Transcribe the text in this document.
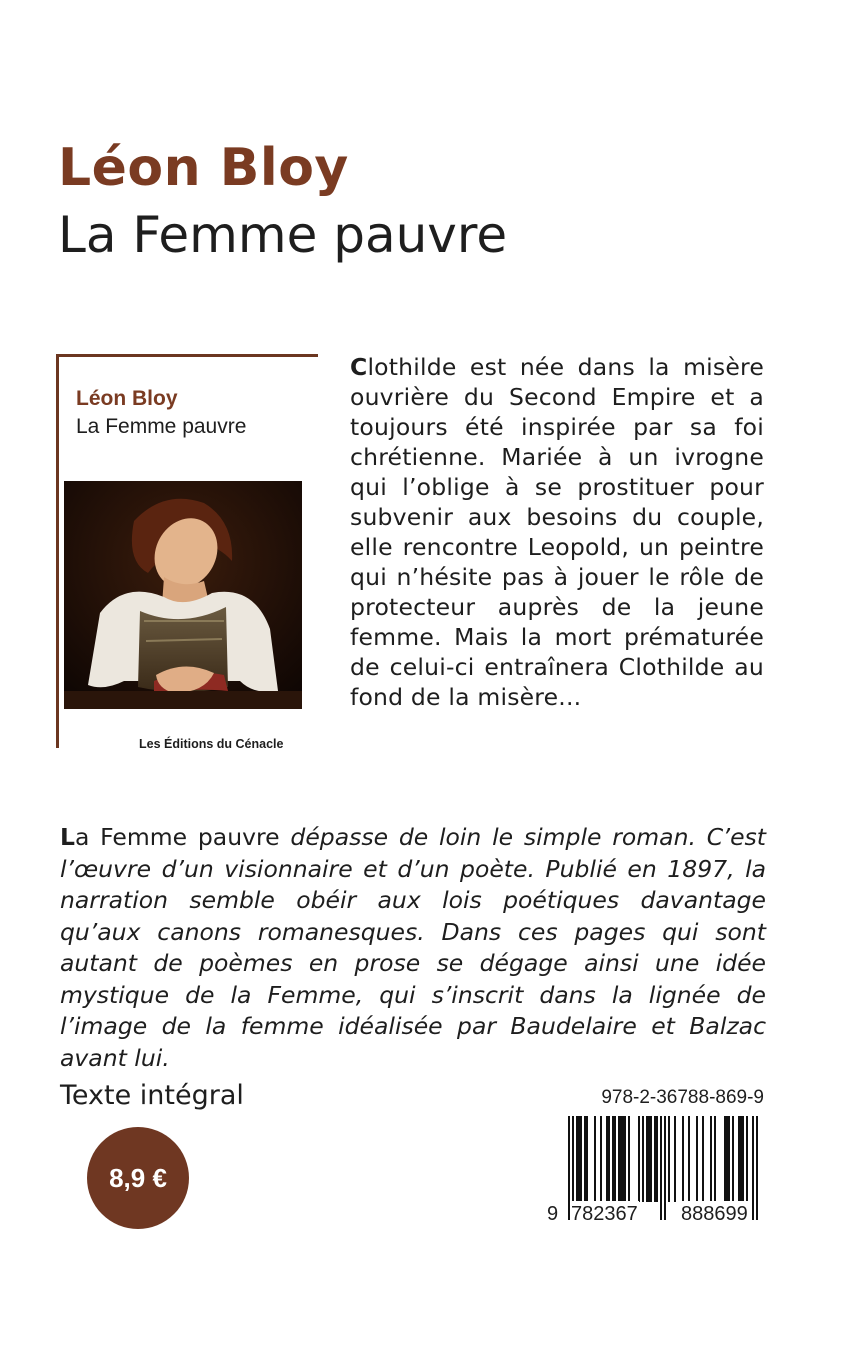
Léon Bloy
La Femme pauvre
Léon Bloy
La Femme pauvre
Les Éditions du Cénacle
Clothilde est née dans la misère ouvrière du Second Empire et a toujours été inspirée par sa foi chrétienne. Mariée à un ivrogne qui l’oblige à se prostituer pour subvenir aux besoins du couple, elle rencontre Leopold, un peintre qui n’hésite pas à jouer le rôle de protecteur auprès de la jeune femme. Mais la mort prématurée de celui-ci entraînera Clothilde au fond de la misère...
La Femme pauvre dépasse de loin le simple roman. C’est l’œuvre d’un visionnaire et d’un poète. Publié en 1897, la narration semble obéir aux lois poétiques davantage qu’aux canons romanesques. Dans ces pages qui sont autant de poèmes en prose se dégage ainsi une idée mystique de la Femme, qui s’inscrit dans la lignée de l’image de la femme idéalisée par Baudelaire et Balzac avant lui.
Texte intégral
8,9 €
978-2-36788-869-9
9 782367 888699
